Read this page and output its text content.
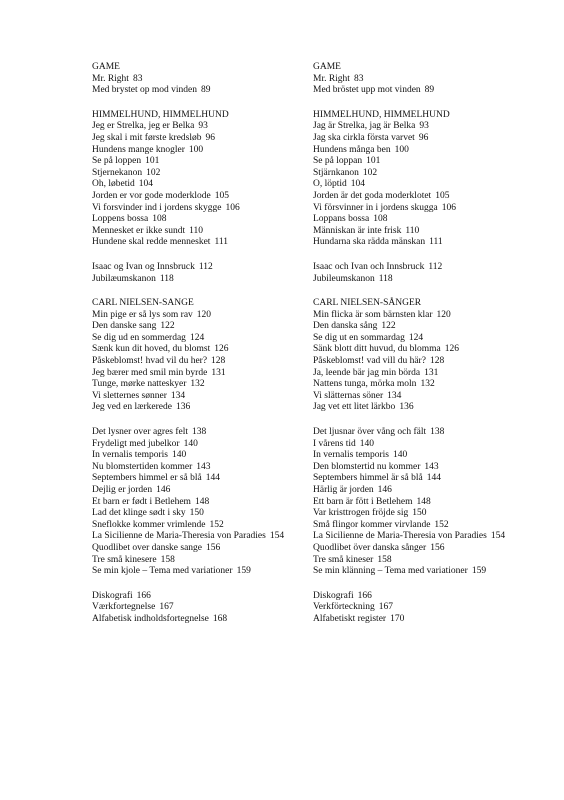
GAME
Mr. Right 83
Med brystet op mod vinden 89
HIMMELHUND, HIMMELHUND
Jeg er Strelka, jeg er Belka 93
Jeg skal i mit første kredsløb 96
Hundens mange knogler 100
Se på loppen 101
Stjernekanon 102
Oh, løbetid 104
Jorden er vor gode moderklode 105
Vi forsvinder ind i jordens skygge 106
Loppens bossa 108
Mennesket er ikke sundt 110
Hundene skal redde mennesket 111
Isaac og Ivan og Innsbruck 112
Jubilæumskanon 118
CARL NIELSEN-SANGE
Min pige er så lys som rav 120
Den danske sang 122
Se dig ud en sommerdag 124
Sænk kun dit hoved, du blomst 126
Påskeblomst! hvad vil du her? 128
Jeg bærer med smil min byrde 131
Tunge, mørke natteskyer 132
Vi sletternes sønner 134
Jeg ved en lærkerede 136
Det lysner over agres felt 138
Frydeligt med jubelkor 140
In vernalis temporis 140
Nu blomstertiden kommer 143
Septembers himmel er så blå 144
Dejlig er jorden 146
Et barn er født i Betlehem 148
Lad det klinge sødt i sky 150
Sneflokke kommer vrimlende 152
La Sicilienne de Maria-Theresia von Paradies 154
Quodlibet over danske sange 156
Tre små kinesere 158
Se min kjole – Tema med variationer 159
Diskografi 166
Værkfortegnelse 167
Alfabetisk indholdsfortegnelse 168
GAME
Mr. Right 83
Med bröstet upp mot vinden 89
HIMMELHUND, HIMMELHUND
Jag är Strelka, jag är Belka 93
Jag ska cirkla första varvet 96
Hundens många ben 100
Se på loppan 101
Stjärnkanon 102
O, löptid 104
Jorden är det goda moderklotet 105
Vi försvinner in i jordens skugga 106
Loppans bossa 108
Människan är inte frisk 110
Hundarna ska rädda mänskan 111
Isaac och Ivan och Innsbruck 112
Jubileumskanon 118
CARL NIELSEN-SÅNGER
Min flicka är som bärnsten klar 120
Den danska sång 122
Se dig ut en sommardag 124
Sänk blott ditt huvud, du blomma 126
Påskeblomst! vad vill du här? 128
Ja, leende bär jag min börda 131
Nattens tunga, mörka moln 132
Vi slätternas söner 134
Jag vet ett litet lärkbo 136
Det ljusnar över vång och fält 138
I vårens tid 140
In vernalis temporis 140
Den blomstertid nu kommer 143
Septembers himmel är så blå 144
Härlig är jorden 146
Ett barn är fött i Betlehem 148
Var kristtrogen fröjde sig 150
Små flingor kommer virvlande 152
La Sicilienne de Maria-Theresia von Paradies 154
Quodlibet över danska sånger 156
Tre små kineser 158
Se min klänning – Tema med variationer 159
Diskografi 166
Verkförteckning 167
Alfabetiskt register 170
